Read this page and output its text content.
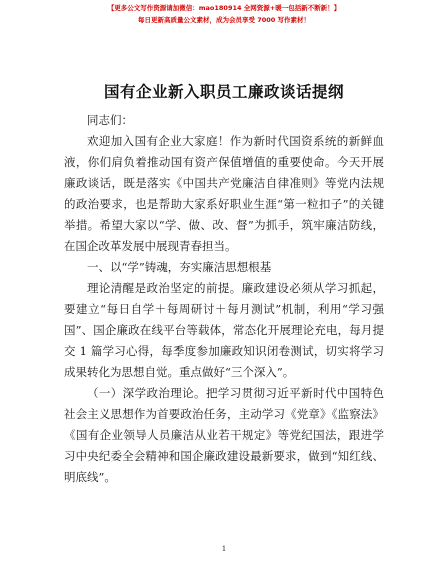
【更多公文写作资源请加微信：mao180914 全网资源+暖一包括新不断新！】
每日更新高质量公文素材，成为会员享受 7000 写作素材！
国有企业新入职员工廉政谈话提纲

同志们：

欢迎加入国有企业大家庭！作为新时代国资系统的新鲜血液，你们肩负着推动国有资产保值增值的重要使命。今天开展廉政谈话，既是落实《中国共产党廉洁自律准则》等党内法规的政治要求，也是帮助大家系好职业生涯“第一粒扣子”的关键举措。希望大家以“学、做、改、督”为抓手，筑牢廉洁防线，在国企改革发展中展现青春担当。

一、以“学”铸魂，夯实廉洁思想根基

理论清醒是政治坚定的前提。廉政建设必须从学习抓起，要建立“每日自学＋每周研讨＋每月测试”机制，利用“学习强国”、国企廉政在线平台等载体，常态化开展理论充电，每月提交 1 篇学习心得，每季度参加廉政知识闭卷测试，切实将学习成果转化为思想自觉。重点做好“三个深入”。

（一）深学政治理论。把学习贯彻习近平新时代中国特色社会主义思想作为首要政治任务，主动学习《党章》《监察法》《国有企业领导人员廉洁从业若干规定》等党纪国法，跟进学习中央纪委全会精神和国企廉政建设最新要求，做到“知红线、明底线”。

1
